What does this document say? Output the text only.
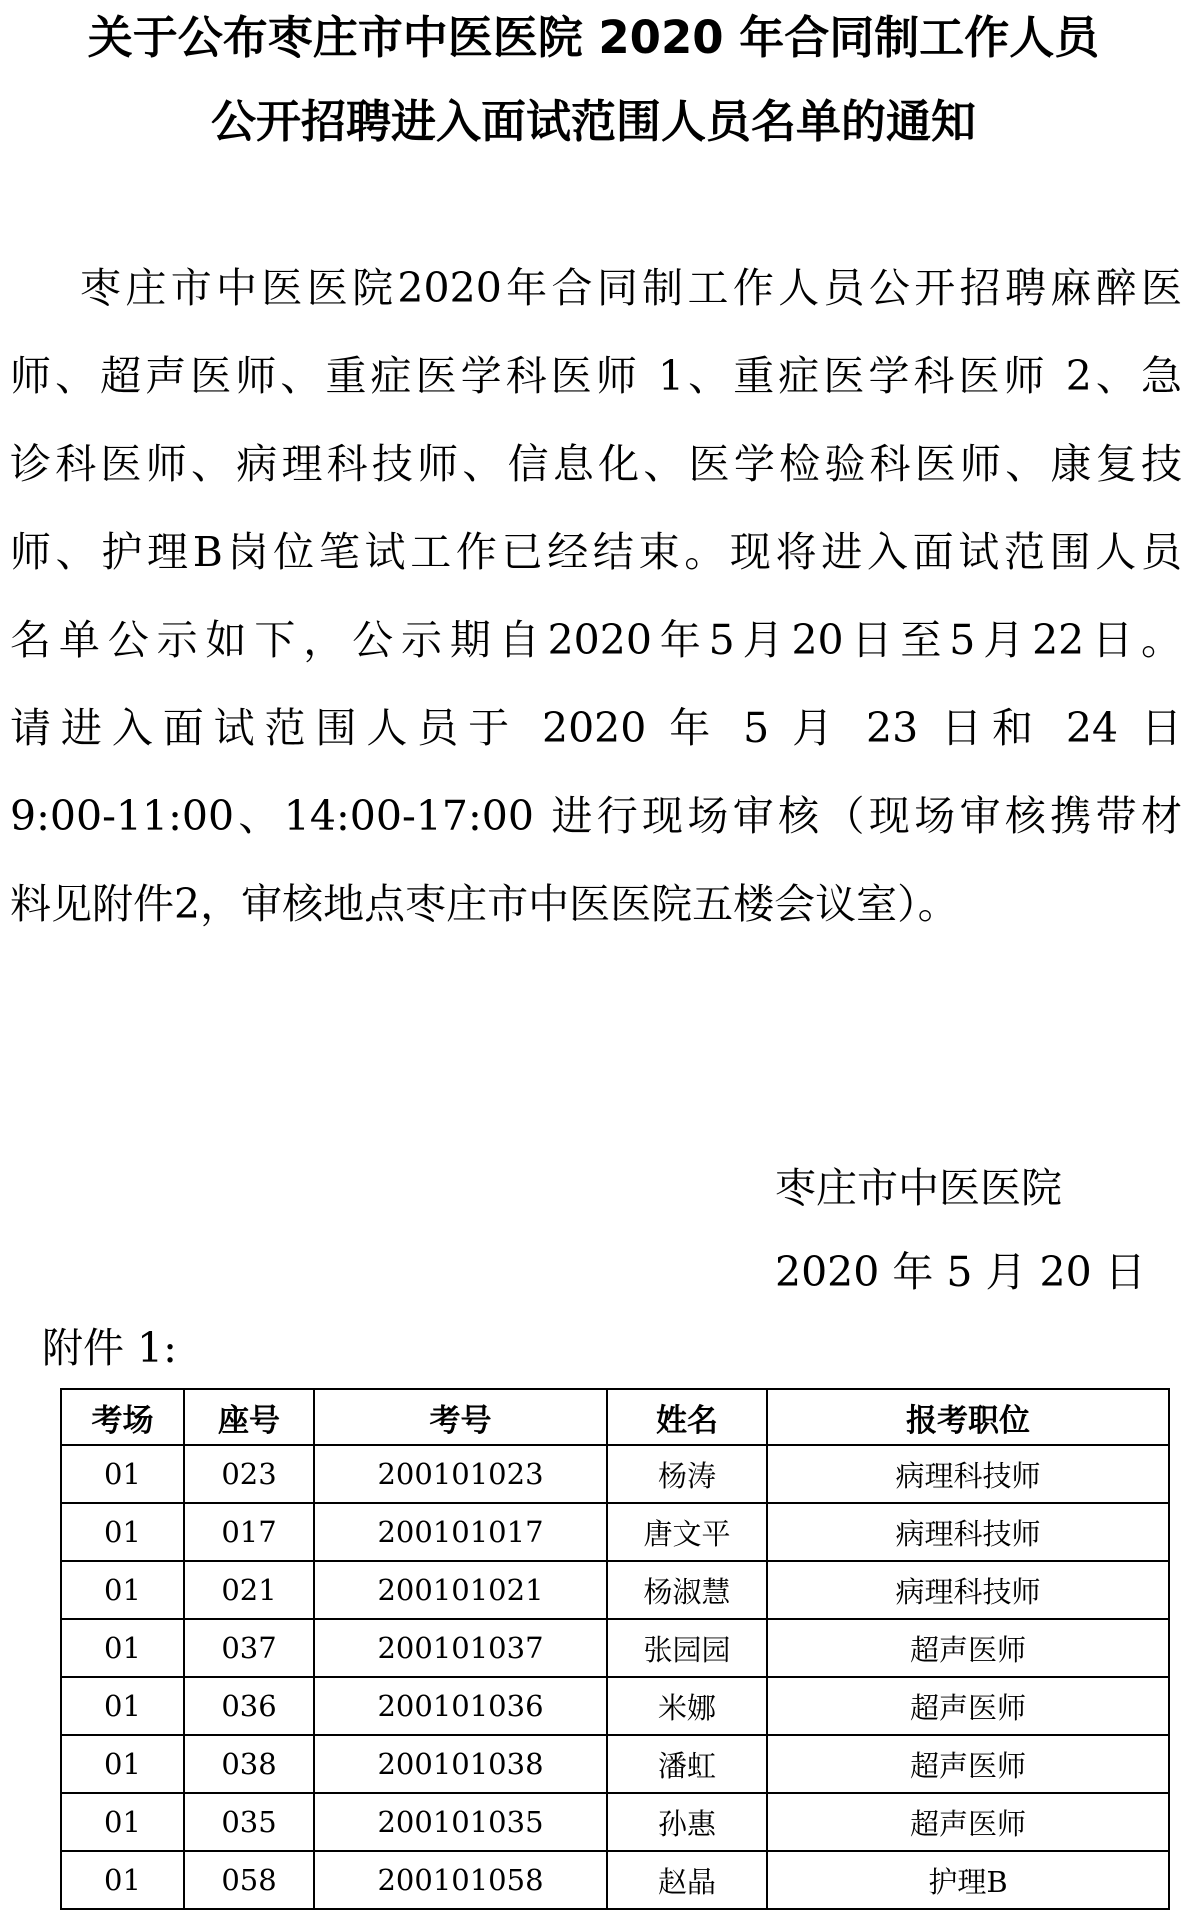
关于公布枣庄市中医医院 2020 年合同制工作人员
公开招聘进入面试范围人员名单的通知
枣庄市中医医院2020年合同制工作人员公开招聘麻醉医
师、超声医师、重症医学科医师 1、重症医学科医师 2、急
诊科医师、病理科技师、信息化、医学检验科医师、康复技
师、护理B岗位笔试工作已经结束。现将进入面试范围人员
名单公示如下，公示期自2020年5月20日至5月22日。
请进入面试范围人员于 2020 年 5 月 23 日和 24 日
9:00-11:00、14:00-17:00 进行现场审核（现场审核携带材
料见附件2，审核地点枣庄市中医医院五楼会议室）。
枣庄市中医医院
2020 年 5 月 20 日
附件 1:
考场	座号	考号	姓名	报考职位
01	023	200101023	杨涛	病理科技师
01	017	200101017	唐文平	病理科技师
01	021	200101021	杨淑慧	病理科技师
01	037	200101037	张园园	超声医师
01	036	200101036	米娜	超声医师
01	038	200101038	潘虹	超声医师
01	035	200101035	孙惠	超声医师
01	058	200101058	赵晶	护理B
